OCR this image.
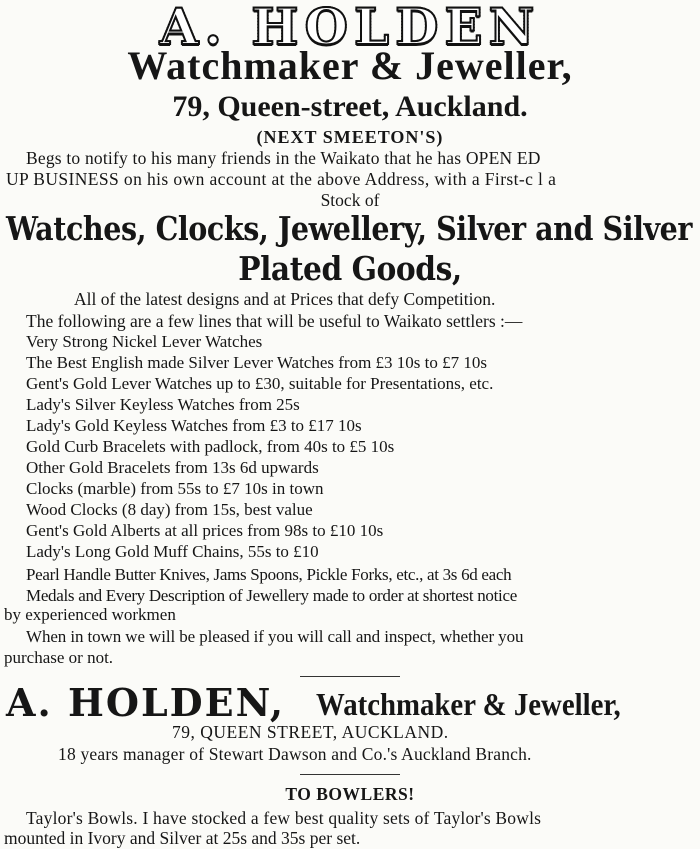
A. HOLDEN
Watchmaker & Jeweller,
79, Queen-street, Auckland.
(NEXT SMEETON'S)
Begs to notify to his many friends in the Waikato that he has OPEN ED
UP BUSINESS on his own account at the above Address, with a First-c l a
Stock of
Watches, Clocks, Jewellery, Silver and Silver
Plated Goods,
All of the latest designs and at Prices that defy Competition.
The following are a few lines that will be useful to Waikato settlers :—
Very Strong Nickel Lever Watches
The Best English made Silver Lever Watches from £3 10s to £7 10s
Gent's Gold Lever Watches up to £30, suitable for Presentations, etc.
Lady's Silver Keyless Watches from 25s
Lady's Gold Keyless Watches from £3 to £17 10s
Gold Curb Bracelets with padlock, from 40s to £5 10s
Other Gold Bracelets from 13s 6d upwards
Clocks (marble) from 55s to £7 10s in town
Wood Clocks (8 day) from 15s, best value
Gent's Gold Alberts at all prices from 98s to £10 10s
Lady's Long Gold Muff Chains, 55s to £10
Pearl Handle Butter Knives, Jams Spoons, Pickle Forks, etc., at 3s 6d each
Medals and Every Description of Jewellery made to order at shortest notice
by experienced workmen
When in town we will be pleased if you will call and inspect, whether you
purchase or not.
A. HOLDEN, Watchmaker & Jeweller,
79, QUEEN STREET, AUCKLAND.
18 years manager of Stewart Dawson and Co.'s Auckland Branch.
TO BOWLERS!
Taylor's Bowls. I have stocked a few best quality sets of Taylor's Bowls
mounted in Ivory and Silver at 25s and 35s per set.
